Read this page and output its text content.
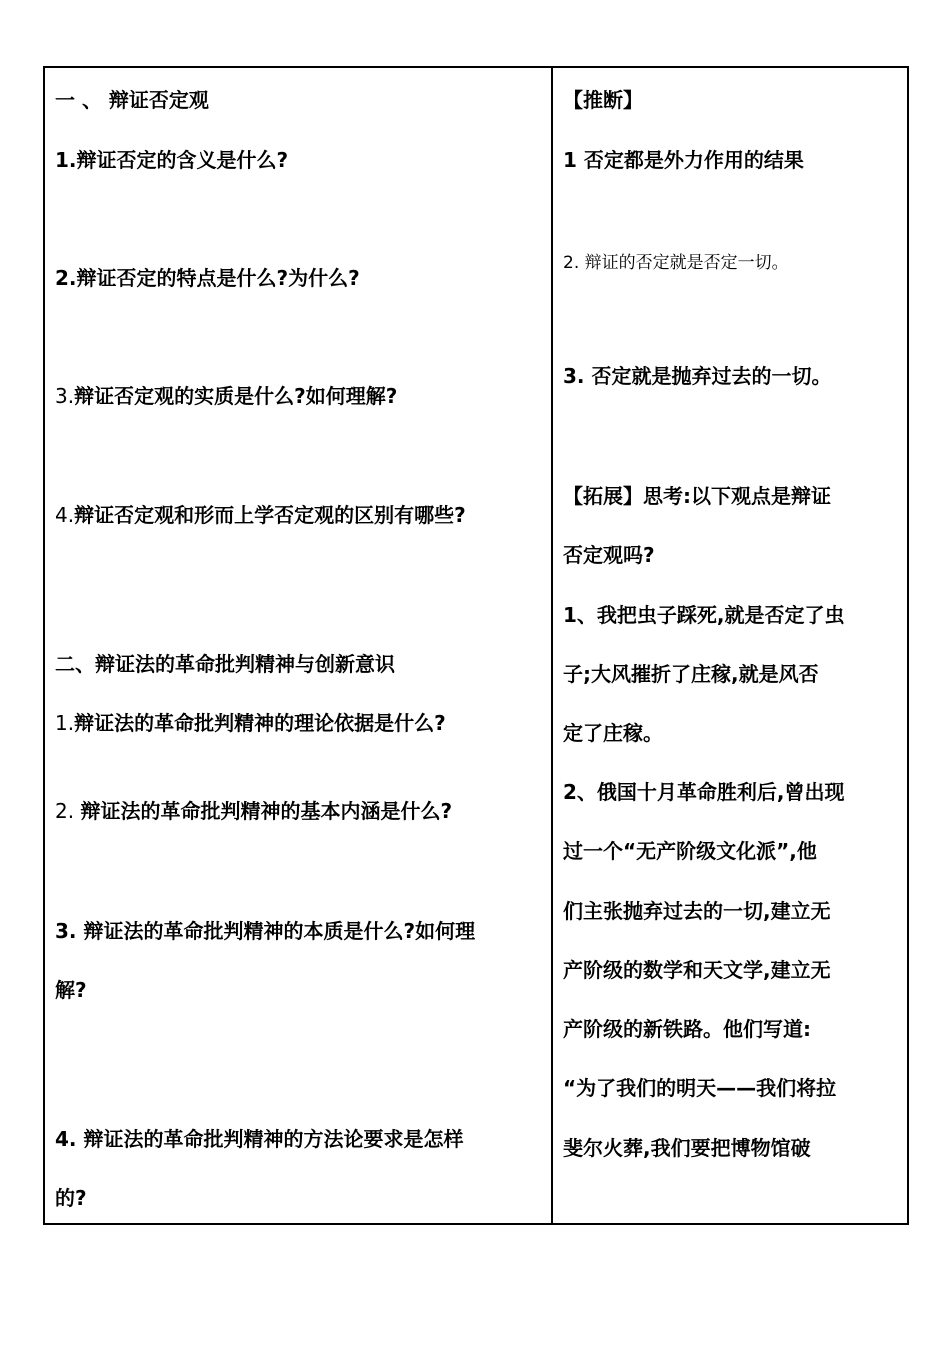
一 、 辩证否定观
1.辩证否定的含义是什么?
2.辩证否定的特点是什么?为什么?
3.辩证否定观的实质是什么?如何理解?
4.辩证否定观和形而上学否定观的区别有哪些?
二、辩证法的革命批判精神与创新意识
1.辩证法的革命批判精神的理论依据是什么?
2. 辩证法的革命批判精神的基本内涵是什么?
3. 辩证法的革命批判精神的本质是什么?如何理
解?
4. 辩证法的革命批判精神的方法论要求是怎样
的?
【推断】
1 否定都是外力作用的结果
2. 辩证的否定就是否定一切。
3. 否定就是抛弃过去的一切。
【拓展】思考:以下观点是辩证
否定观吗?
1、我把虫子踩死,就是否定了虫
子;大风摧折了庄稼,就是风否
定了庄稼。
2、俄国十月革命胜利后,曾出现
过一个“无产阶级文化派”,他
们主张抛弃过去的一切,建立无
产阶级的数学和天文学,建立无
产阶级的新铁路。他们写道:
“为了我们的明天——我们将拉
斐尔火葬,我们要把博物馆破
